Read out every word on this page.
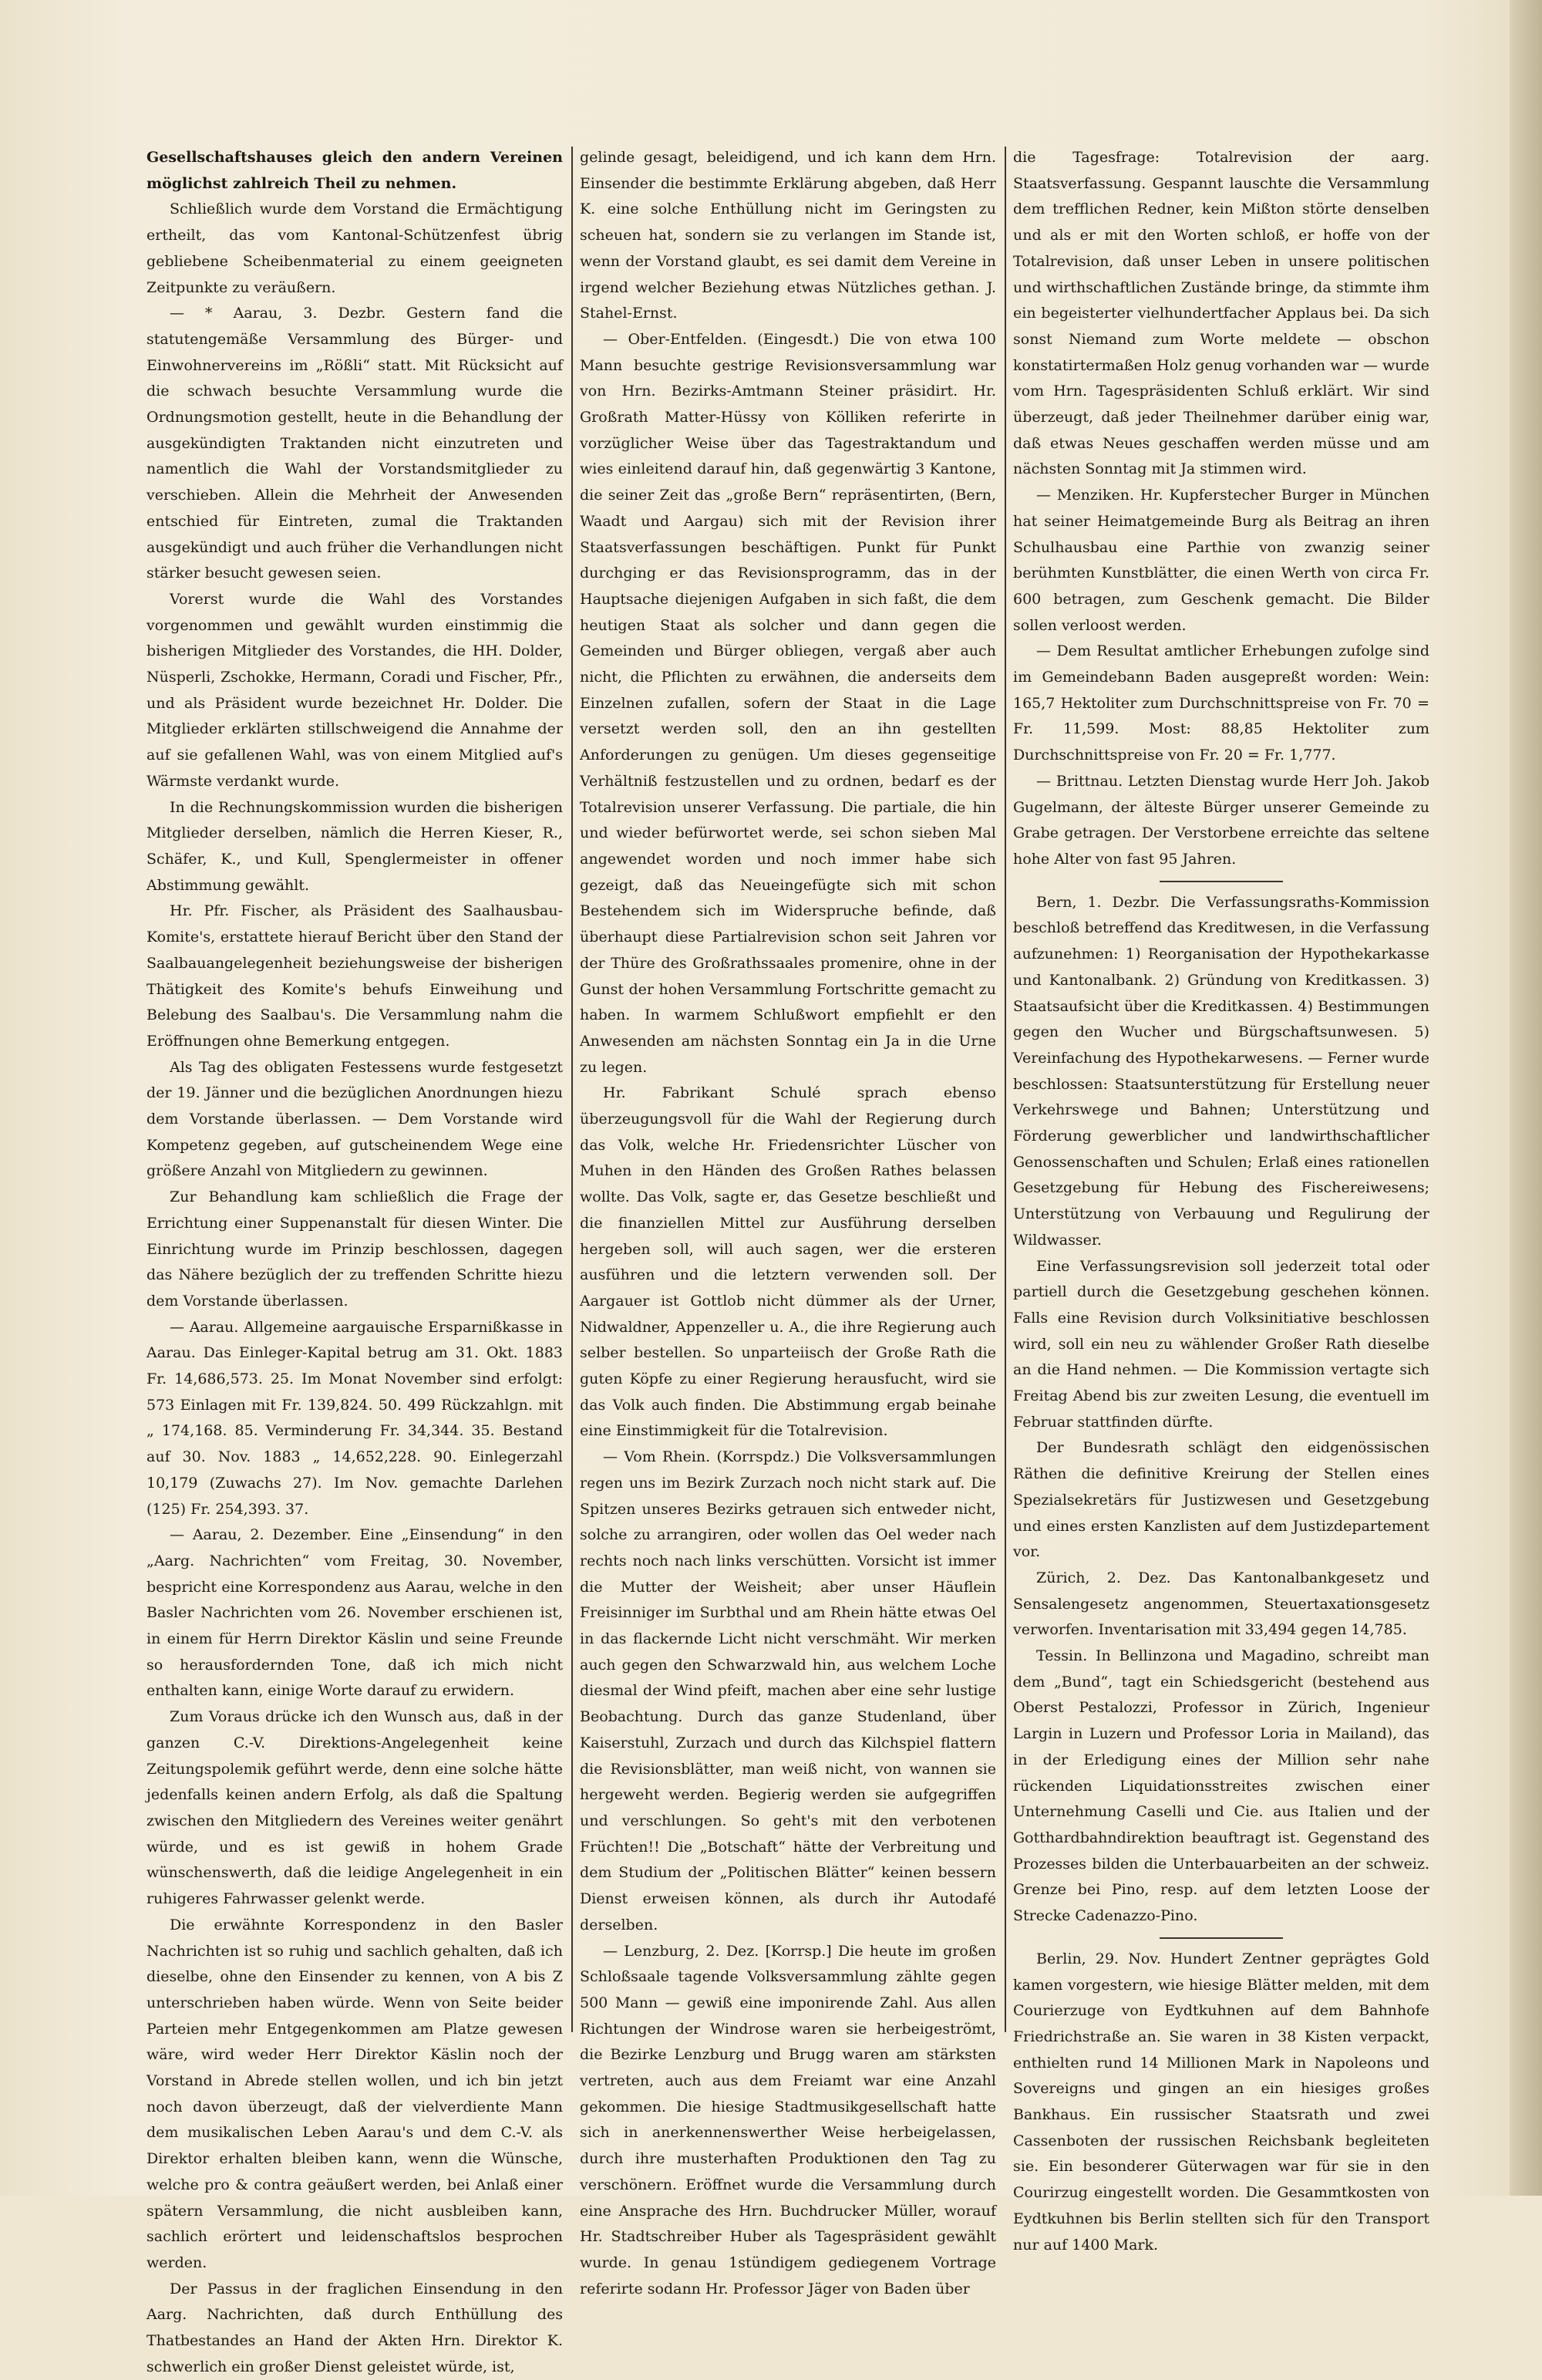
Gesellschaftshauses gleich den andern Vereinen möglichst zahlreich Theil zu nehmen.

Schließlich wurde dem Vorstand die Ermächtigung ertheilt, das vom Kantonal-Schützenfest übrig gebliebene Scheibenmaterial zu einem geeigneten Zeitpunkte zu veräußern.

— * Aarau, 3. Dezbr. Gestern fand die statutengemäße Versammlung des Bürger- und Einwohnervereins im „Rößli“ statt. Mit Rücksicht auf die schwach besuchte Versammlung wurde die Ordnungsmotion gestellt, heute in die Behandlung der ausgekündigten Traktanden nicht einzutreten und namentlich die Wahl der Vorstandsmitglieder zu verschieben. Allein die Mehrheit der Anwesenden entschied für Eintreten, zumal die Traktanden ausgekündigt und auch früher die Verhandlungen nicht stärker besucht gewesen seien.

Vorerst wurde die Wahl des Vorstandes vorgenommen und gewählt wurden einstimmig die bisherigen Mitglieder des Vorstandes, die HH. Dolder, Nüsperli, Zschokke, Hermann, Coradi und Fischer, Pfr., und als Präsident wurde bezeichnet Hr. Dolder. Die Mitglieder erklärten stillschweigend die Annahme der auf sie gefallenen Wahl, was von einem Mitglied auf's Wärmste verdankt wurde.

In die Rechnungskommission wurden die bisherigen Mitglieder derselben, nämlich die Herren Kieser, R., Schäfer, K., und Kull, Spenglermeister in offener Abstimmung gewählt.

Hr. Pfr. Fischer, als Präsident des Saalhausbau-Komite's, erstattete hierauf Bericht über den Stand der Saalbauangelegenheit beziehungsweise der bisherigen Thätigkeit des Komite's behufs Einweihung und Belebung des Saalbau's. Die Versammlung nahm die Eröffnungen ohne Bemerkung entgegen.

Als Tag des obligaten Festessens wurde festgesetzt der 19. Jänner und die bezüglichen Anordnungen hiezu dem Vorstande überlassen. — Dem Vorstande wird Kompetenz gegeben, auf gutscheinendem Wege eine größere Anzahl von Mitgliedern zu gewinnen.

Zur Behandlung kam schließlich die Frage der Errichtung einer Suppenanstalt für diesen Winter. Die Einrichtung wurde im Prinzip beschlossen, dagegen das Nähere bezüglich der zu treffenden Schritte hiezu dem Vorstande überlassen.

— Aarau. Allgemeine aargauische Ersparnißkasse in Aarau. Das Einleger-Kapital betrug am 31. Okt. 1883 Fr. 14,686,573. 25. Im Monat November sind erfolgt: 573 Einlagen mit Fr. 139,824. 50. 499 Rückzahlgn. mit „ 174,168. 85. Verminderung Fr. 34,344. 35. Bestand auf 30. Nov. 1883 „ 14,652,228. 90. Einlegerzahl 10,179 (Zuwachs 27). Im Nov. gemachte Darlehen (125) Fr. 254,393. 37.

— Aarau, 2. Dezember. Eine „Einsendung“ in den „Aarg. Nachrichten“ vom Freitag, 30. November, bespricht eine Korrespondenz aus Aarau, welche in den Basler Nachrichten vom 26. November erschienen ist, in einem für Herrn Direktor Käslin und seine Freunde so herausfordernden Tone, daß ich mich nicht enthalten kann, einige Worte darauf zu erwidern.

Zum Voraus drücke ich den Wunsch aus, daß in der ganzen C.-V. Direktions-Angelegenheit keine Zeitungspolemik geführt werde, denn eine solche hätte jedenfalls keinen andern Erfolg, als daß die Spaltung zwischen den Mitgliedern des Vereines weiter genährt würde, und es ist gewiß in hohem Grade wünschenswerth, daß die leidige Angelegenheit in ein ruhigeres Fahrwasser gelenkt werde.

Die erwähnte Korrespondenz in den Basler Nachrichten ist so ruhig und sachlich gehalten, daß ich dieselbe, ohne den Einsender zu kennen, von A bis Z unterschrieben haben würde. Wenn von Seite beider Parteien mehr Entgegenkommen am Platze gewesen wäre, wird weder Herr Direktor Käslin noch der Vorstand in Abrede stellen wollen, und ich bin jetzt noch davon überzeugt, daß der vielverdiente Mann dem musikalischen Leben Aarau's und dem C.-V. als Direktor erhalten bleiben kann, wenn die Wünsche, welche pro & contra geäußert werden, bei Anlaß einer spätern Versammlung, die nicht ausbleiben kann, sachlich erörtert und leidenschaftslos besprochen werden.

Der Passus in der fraglichen Einsendung in den Aarg. Nachrichten, daß durch Enthüllung des Thatbestandes an Hand der Akten Hrn. Direktor K. schwerlich ein großer Dienst geleistet würde, ist,

gelinde gesagt, beleidigend, und ich kann dem Hrn. Einsender die bestimmte Erklärung abgeben, daß Herr K. eine solche Enthüllung nicht im Geringsten zu scheuen hat, sondern sie zu verlangen im Stande ist, wenn der Vorstand glaubt, es sei damit dem Vereine in irgend welcher Beziehung etwas Nützliches gethan. J. Stahel-Ernst.

— Ober-Entfelden. (Eingesdt.) Die von etwa 100 Mann besuchte gestrige Revisionsversammlung war von Hrn. Bezirks-Amtmann Steiner präsidirt. Hr. Großrath Matter-Hüssy von Kölliken referirte in vorzüglicher Weise über das Tagestraktandum und wies einleitend darauf hin, daß gegenwärtig 3 Kantone, die seiner Zeit das „große Bern“ repräsentirten, (Bern, Waadt und Aargau) sich mit der Revision ihrer Staatsverfassungen beschäftigen. Punkt für Punkt durchging er das Revisionsprogramm, das in der Hauptsache diejenigen Aufgaben in sich faßt, die dem heutigen Staat als solcher und dann gegen die Gemeinden und Bürger obliegen, vergaß aber auch nicht, die Pflichten zu erwähnen, die anderseits dem Einzelnen zufallen, sofern der Staat in die Lage versetzt werden soll, den an ihn gestellten Anforderungen zu genügen. Um dieses gegenseitige Verhältniß festzustellen und zu ordnen, bedarf es der Totalrevision unserer Verfassung. Die partiale, die hin und wieder befürwortet werde, sei schon sieben Mal angewendet worden und noch immer habe sich gezeigt, daß das Neueingefügte sich mit schon Bestehendem sich im Widerspruche befinde, daß überhaupt diese Partialrevision schon seit Jahren vor der Thüre des Großrathssaales promenire, ohne in der Gunst der hohen Versammlung Fortschritte gemacht zu haben. In warmem Schlußwort empfiehlt er den Anwesenden am nächsten Sonntag ein Ja in die Urne zu legen.

Hr. Fabrikant Schulé sprach ebenso überzeugungsvoll für die Wahl der Regierung durch das Volk, welche Hr. Friedensrichter Lüscher von Muhen in den Händen des Großen Rathes belassen wollte. Das Volk, sagte er, das Gesetze beschließt und die finanziellen Mittel zur Ausführung derselben hergeben soll, will auch sagen, wer die ersteren ausführen und die letztern verwenden soll. Der Aargauer ist Gottlob nicht dümmer als der Urner, Nidwaldner, Appenzeller u. A., die ihre Regierung auch selber bestellen. So unparteiisch der Große Rath die guten Köpfe zu einer Regierung herausfucht, wird sie das Volk auch finden. Die Abstimmung ergab beinahe eine Einstimmigkeit für die Totalrevision.

— Vom Rhein. (Korrspdz.) Die Volksversammlungen regen uns im Bezirk Zurzach noch nicht stark auf. Die Spitzen unseres Bezirks getrauen sich entweder nicht, solche zu arrangiren, oder wollen das Oel weder nach rechts noch nach links verschütten. Vorsicht ist immer die Mutter der Weisheit; aber unser Häuflein Freisinniger im Surbthal und am Rhein hätte etwas Oel in das flackernde Licht nicht verschmäht. Wir merken auch gegen den Schwarzwald hin, aus welchem Loche diesmal der Wind pfeift, machen aber eine sehr lustige Beobachtung. Durch das ganze Studenland, über Kaiserstuhl, Zurzach und durch das Kilchspiel flattern die Revisionsblätter, man weiß nicht, von wannen sie hergeweht werden. Begierig werden sie aufgegriffen und verschlungen. So geht's mit den verbotenen Früchten!! Die „Botschaft“ hätte der Verbreitung und dem Studium der „Politischen Blätter“ keinen bessern Dienst erweisen können, als durch ihr Autodafé derselben.

— Lenzburg, 2. Dez. [Korrsp.] Die heute im großen Schloßsaale tagende Volksversammlung zählte gegen 500 Mann — gewiß eine imponirende Zahl. Aus allen Richtungen der Windrose waren sie herbeigeströmt, die Bezirke Lenzburg und Brugg waren am stärksten vertreten, auch aus dem Freiamt war eine Anzahl gekommen. Die hiesige Stadtmusikgesellschaft hatte sich in anerkennenswerther Weise herbeigelassen, durch ihre musterhaften Produktionen den Tag zu verschönern. Eröffnet wurde die Versammlung durch eine Ansprache des Hrn. Buchdrucker Müller, worauf Hr. Stadtschreiber Huber als Tagespräsident gewählt wurde. In genau 1stündigem gediegenem Vortrage referirte sodann Hr. Professor Jäger von Baden über

die Tagesfrage: Totalrevision der aarg. Staatsverfassung. Gespannt lauschte die Versammlung dem trefflichen Redner, kein Mißton störte denselben und als er mit den Worten schloß, er hoffe von der Totalrevision, daß unser Leben in unsere politischen und wirthschaftlichen Zustände bringe, da stimmte ihm ein begeisterter vielhundertfacher Applaus bei. Da sich sonst Niemand zum Worte meldete — obschon konstatirtermaßen Holz genug vorhanden war — wurde vom Hrn. Tagespräsidenten Schluß erklärt. Wir sind überzeugt, daß jeder Theilnehmer darüber einig war, daß etwas Neues geschaffen werden müsse und am nächsten Sonntag mit Ja stimmen wird.

— Menziken. Hr. Kupferstecher Burger in München hat seiner Heimatgemeinde Burg als Beitrag an ihren Schulhausbau eine Parthie von zwanzig seiner berühmten Kunstblätter, die einen Werth von circa Fr. 600 betragen, zum Geschenk gemacht. Die Bilder sollen verloost werden.

— Dem Resultat amtlicher Erhebungen zufolge sind im Gemeindebann Baden ausgepreßt worden: Wein: 165,7 Hektoliter zum Durchschnittspreise von Fr. 70 = Fr. 11,599. Most: 88,85 Hektoliter zum Durchschnittspreise von Fr. 20 = Fr. 1,777.

— Brittnau. Letzten Dienstag wurde Herr Joh. Jakob Gugelmann, der älteste Bürger unserer Gemeinde zu Grabe getragen. Der Verstorbene erreichte das seltene hohe Alter von fast 95 Jahren.

Bern, 1. Dezbr. Die Verfassungsraths-Kommission beschloß betreffend das Kreditwesen, in die Verfassung aufzunehmen: 1) Reorganisation der Hypothekarkasse und Kantonalbank. 2) Gründung von Kreditkassen. 3) Staatsaufsicht über die Kreditkassen. 4) Bestimmungen gegen den Wucher und Bürgschaftsunwesen. 5) Vereinfachung des Hypothekarwesens. — Ferner wurde beschlossen: Staatsunterstützung für Erstellung neuer Verkehrswege und Bahnen; Unterstützung und Förderung gewerblicher und landwirthschaftlicher Genossenschaften und Schulen; Erlaß eines rationellen Gesetzgebung für Hebung des Fischereiwesens; Unterstützung von Verbauung und Regulirung der Wildwasser.

Eine Verfassungsrevision soll jederzeit total oder partiell durch die Gesetzgebung geschehen können. Falls eine Revision durch Volksinitiative beschlossen wird, soll ein neu zu wählender Großer Rath dieselbe an die Hand nehmen. — Die Kommission vertagte sich Freitag Abend bis zur zweiten Lesung, die eventuell im Februar stattfinden dürfte.

Der Bundesrath schlägt den eidgenössischen Räthen die definitive Kreirung der Stellen eines Spezialsekretärs für Justizwesen und Gesetzgebung und eines ersten Kanzlisten auf dem Justizdepartement vor.

Zürich, 2. Dez. Das Kantonalbankgesetz und Sensalengesetz angenommen, Steuertaxationsgesetz verworfen. Inventarisation mit 33,494 gegen 14,785.

Tessin. In Bellinzona und Magadino, schreibt man dem „Bund“, tagt ein Schiedsgericht (bestehend aus Oberst Pestalozzi, Professor in Zürich, Ingenieur Largin in Luzern und Professor Loria in Mailand), das in der Erledigung eines der Million sehr nahe rückenden Liquidationsstreites zwischen einer Unternehmung Caselli und Cie. aus Italien und der Gotthardbahndirektion beauftragt ist. Gegenstand des Prozesses bilden die Unterbauarbeiten an der schweiz. Grenze bei Pino, resp. auf dem letzten Loose der Strecke Cadenazzo-Pino.

Berlin, 29. Nov. Hundert Zentner geprägtes Gold kamen vorgestern, wie hiesige Blätter melden, mit dem Courierzuge von Eydtkuhnen auf dem Bahnhofe Friedrichstraße an. Sie waren in 38 Kisten verpackt, enthielten rund 14 Millionen Mark in Napoleons und Sovereigns und gingen an ein hiesiges großes Bankhaus. Ein russischer Staatsrath und zwei Cassenboten der russischen Reichsbank begleiteten sie. Ein besonderer Güterwagen war für sie in den Courirzug eingestellt worden. Die Gesammtkosten von Eydtkuhnen bis Berlin stellten sich für den Transport nur auf 1400 Mark.
